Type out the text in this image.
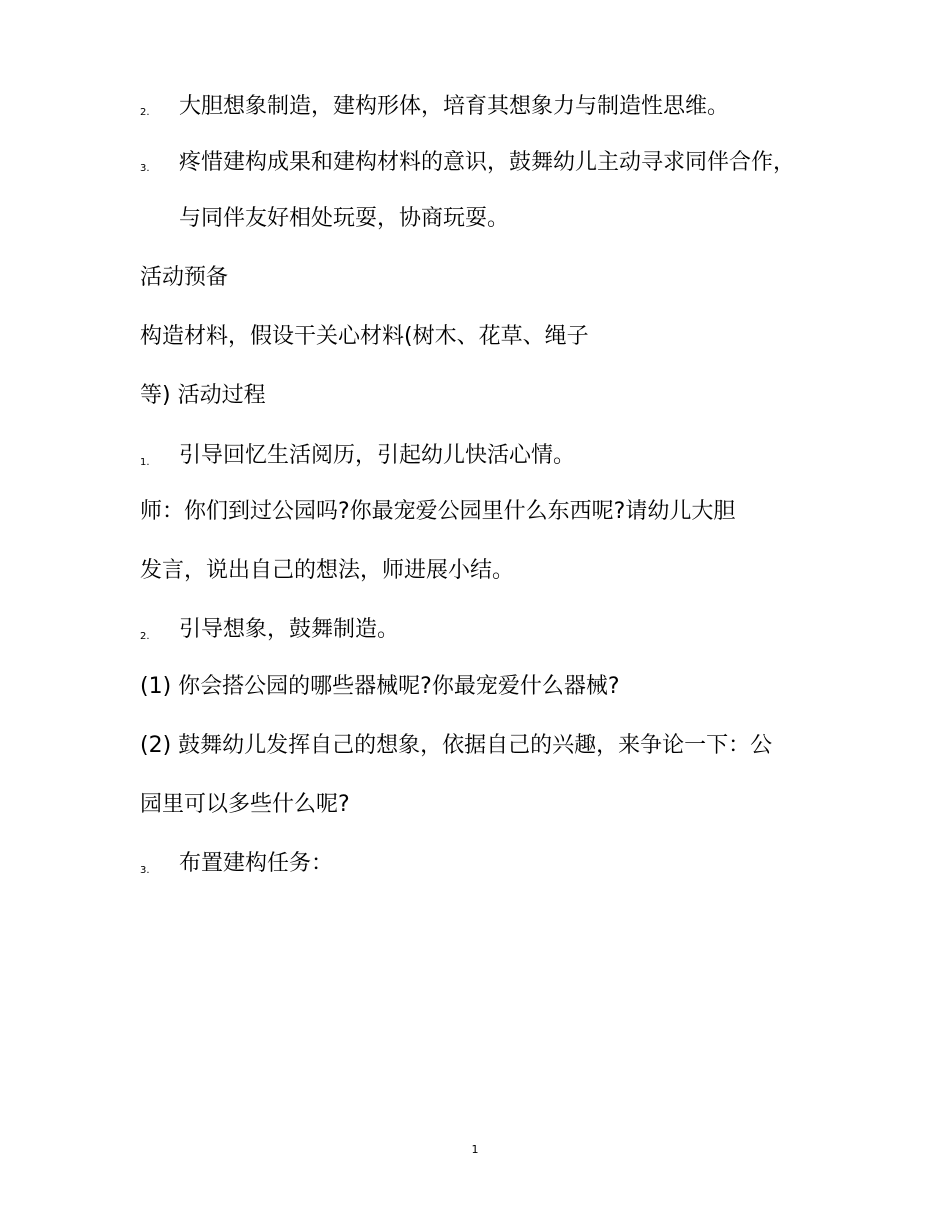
2. 大胆想象制造，建构形体，培育其想象力与制造性思维。
3. 疼惜建构成果和建构材料的意识，鼓舞幼儿主动寻求同伴合作，
与同伴友好相处玩耍，协商玩耍。
活动预备
构造材料，假设干关心材料(树木、花草、绳子
等) 活动过程
1. 引导回忆生活阅历，引起幼儿快活心情。
师：你们到过公园吗?你最宠爱公园里什么东西呢?请幼儿大胆
发言，说出自己的想法，师进展小结。
2. 引导想象，鼓舞制造。
(1) 你会搭公园的哪些器械呢?你最宠爱什么器械?
(2) 鼓舞幼儿发挥自己的想象，依据自己的兴趣，来争论一下：公
园里可以多些什么呢?
3. 布置建构任务：
1
